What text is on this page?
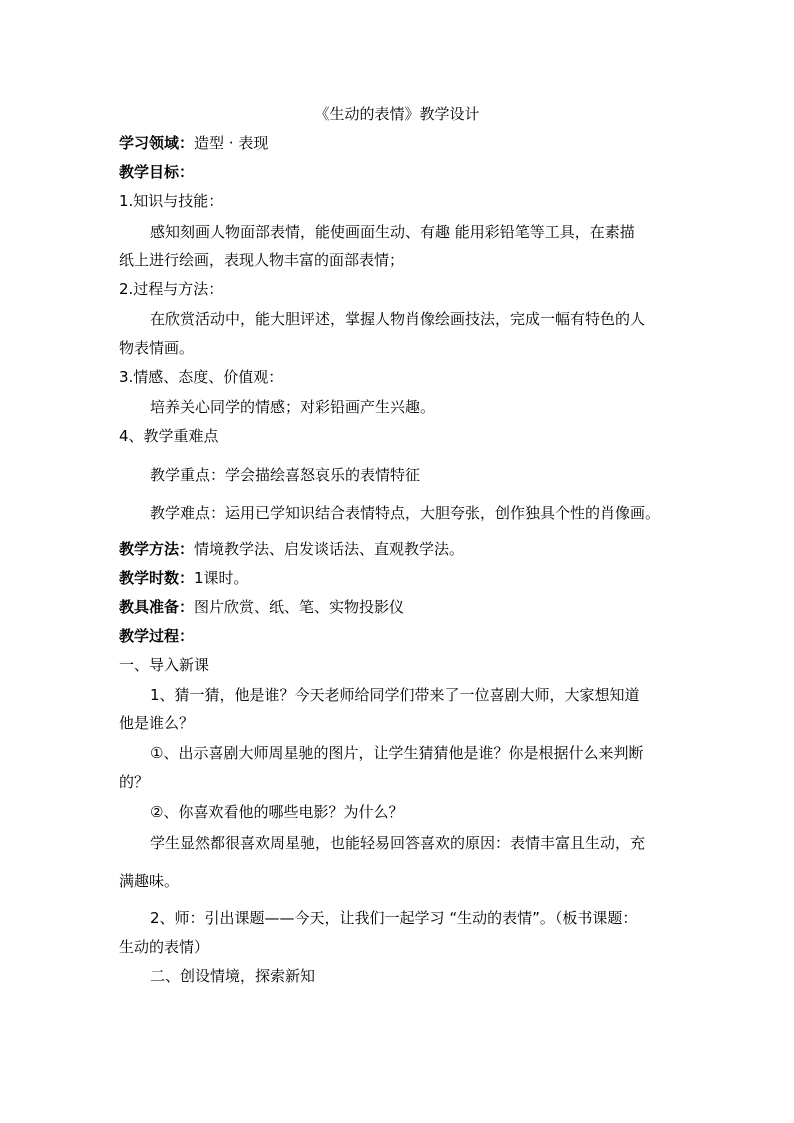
《生动的表情》教学设计
学习领域：造型 · 表现
教学目标：
1.知识与技能：
感知刻画人物面部表情，能使画面生动、有趣 能用彩铅笔等工具，在素描
纸上进行绘画，表现人物丰富的面部表情；
2.过程与方法：
在欣赏活动中，能大胆评述，掌握人物肖像绘画技法，完成一幅有特色的人
物表情画。
3.情感、态度、价值观：
培养关心同学的情感；对彩铅画产生兴趣。
4、教学重难点
教学重点：学会描绘喜怒哀乐的表情特征
教学难点：运用已学知识结合表情特点，大胆夸张，创作独具个性的肖像画。
教学方法：情境教学法、启发谈话法、直观教学法。
教学时数：1课时。
教具准备：图片欣赏、纸、笔、实物投影仪
教学过程：
一、导入新课
1、猜一猜，他是谁？今天老师给同学们带来了一位喜剧大师，大家想知道
他是谁么？
①、出示喜剧大师周星驰的图片，让学生猜猜他是谁？你是根据什么来判断
的？
②、你喜欢看他的哪些电影？为什么？
学生显然都很喜欢周星驰，也能轻易回答喜欢的原因：表情丰富且生动，充
满趣味。
2、师：引出课题——今天，让我们一起学习 “生动的表情”。（板书课题：
生动的表情）
二、创设情境，探索新知
